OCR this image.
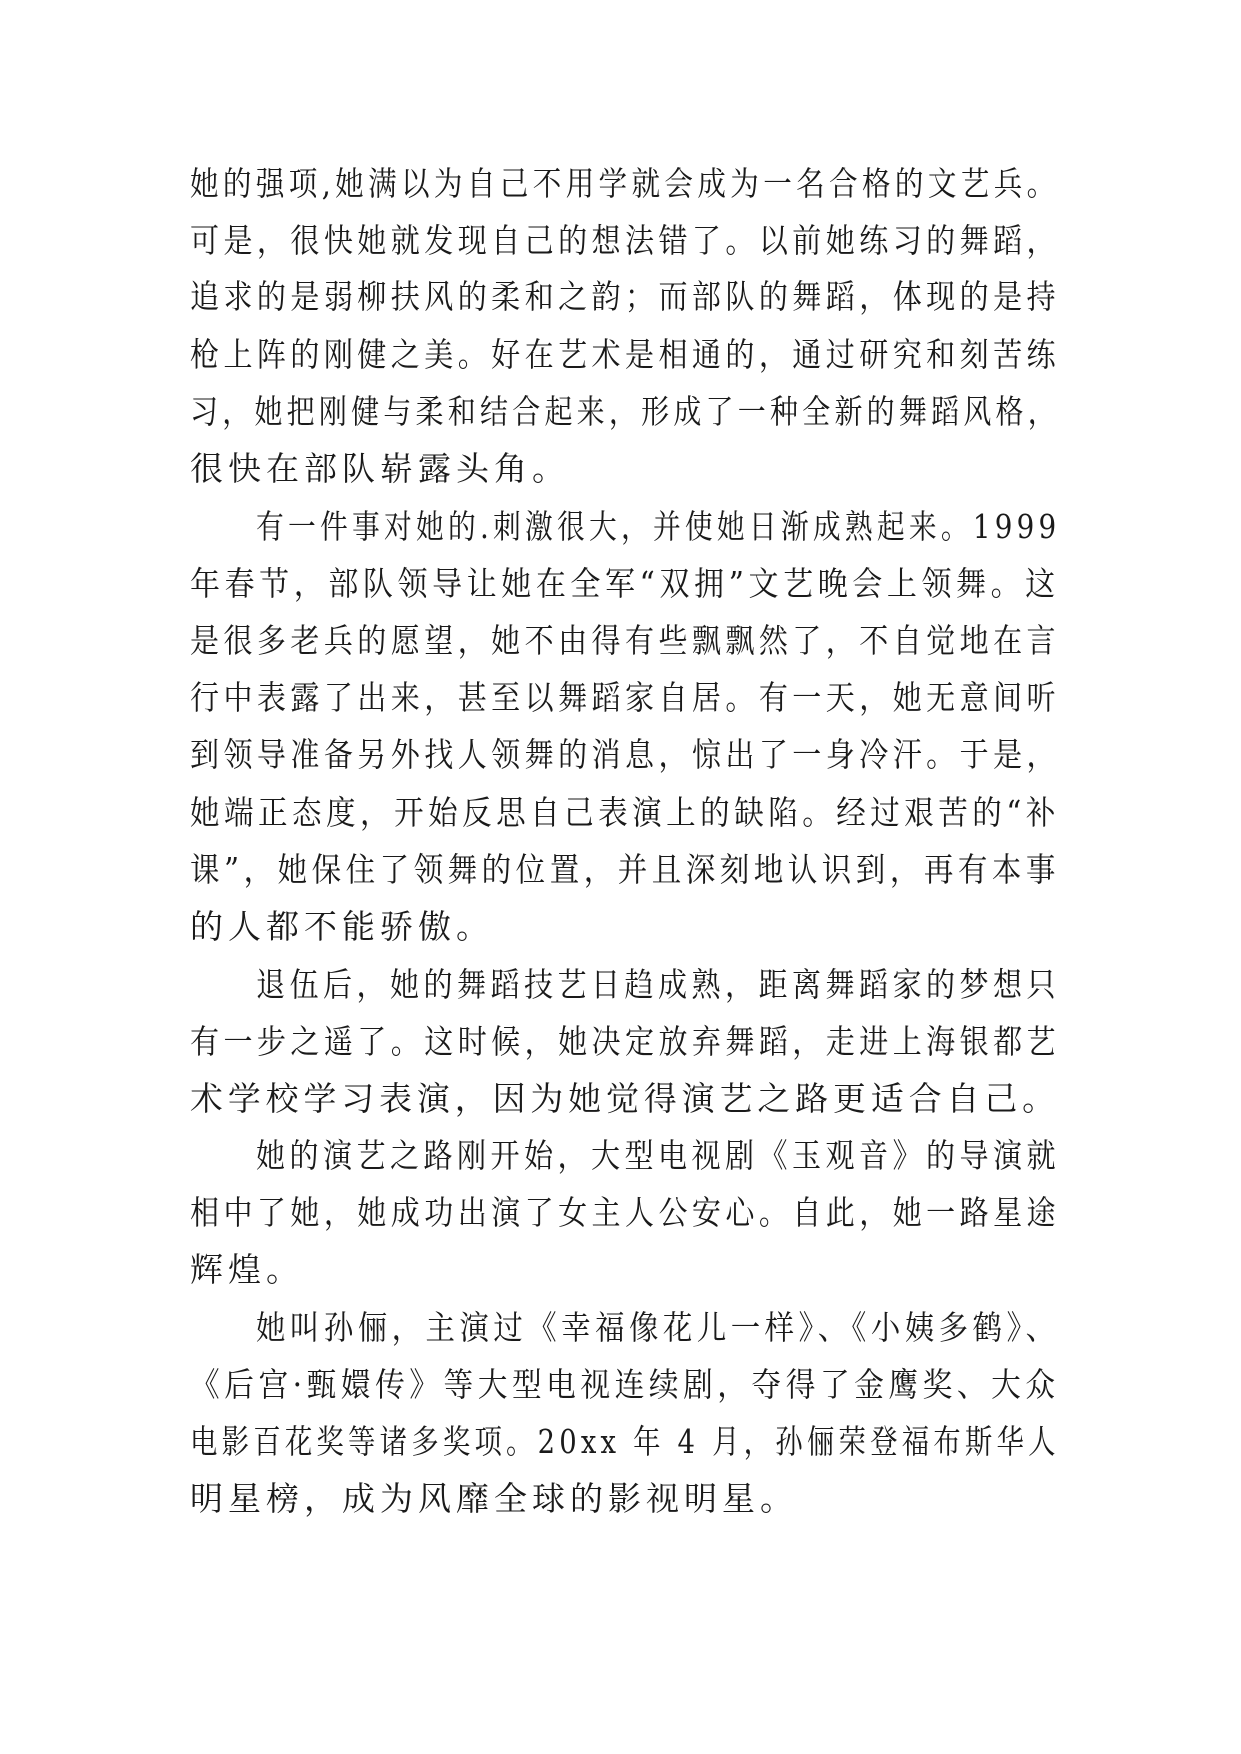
她的强项,她满以为自己不用学就会成为一名合格的文艺兵。
可是，很快她就发现自己的想法错了。以前她练习的舞蹈，
追求的是弱柳扶风的柔和之韵；而部队的舞蹈，体现的是持
枪上阵的刚健之美。好在艺术是相通的，通过研究和刻苦练
习，她把刚健与柔和结合起来，形成了一种全新的舞蹈风格，
很快在部队崭露头角。
有一件事对她的.刺激很大，并使她日渐成熟起来。1999
年春节，部队领导让她在全军“双拥”文艺晚会上领舞。这
是很多老兵的愿望，她不由得有些飘飘然了，不自觉地在言
行中表露了出来，甚至以舞蹈家自居。有一天，她无意间听
到领导准备另外找人领舞的消息，惊出了一身冷汗。于是，
她端正态度，开始反思自己表演上的缺陷。经过艰苦的“补
课”，她保住了领舞的位置，并且深刻地认识到，再有本事
的人都不能骄傲。
退伍后，她的舞蹈技艺日趋成熟，距离舞蹈家的梦想只
有一步之遥了。这时候，她决定放弃舞蹈，走进上海银都艺
术学校学习表演，因为她觉得演艺之路更适合自己。
她的演艺之路刚开始，大型电视剧《玉观音》的导演就
相中了她，她成功出演了女主人公安心。自此，她一路星途
辉煌。
她叫孙俪，主演过《幸福像花儿一样》、《小姨多鹤》、
《后宫·甄嬛传》等大型电视连续剧，夺得了金鹰奖、大众
电影百花奖等诸多奖项。20xx 年 4 月，孙俪荣登福布斯华人
明星榜，成为风靡全球的影视明星。
